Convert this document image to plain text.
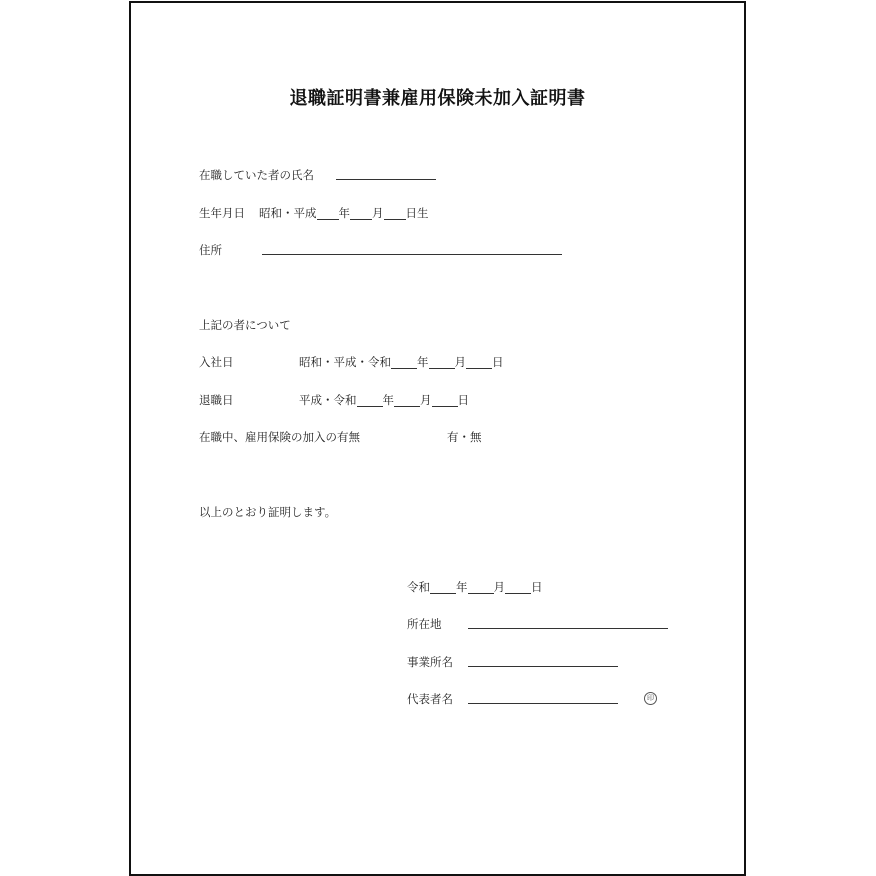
退職証明書兼雇用保険未加入証明書
在職していた者の氏名
生年月日 昭和・平成 年 月 日生
住所
上記の者について
入社日	昭和・平成・令和 年 月 日
退職日	平成・令和 年 月 日
在職中、雇用保険の加入の有無	有・無
以上のとおり証明します。
令和 年 月 日
所在地
事業所名
代表者名	印
